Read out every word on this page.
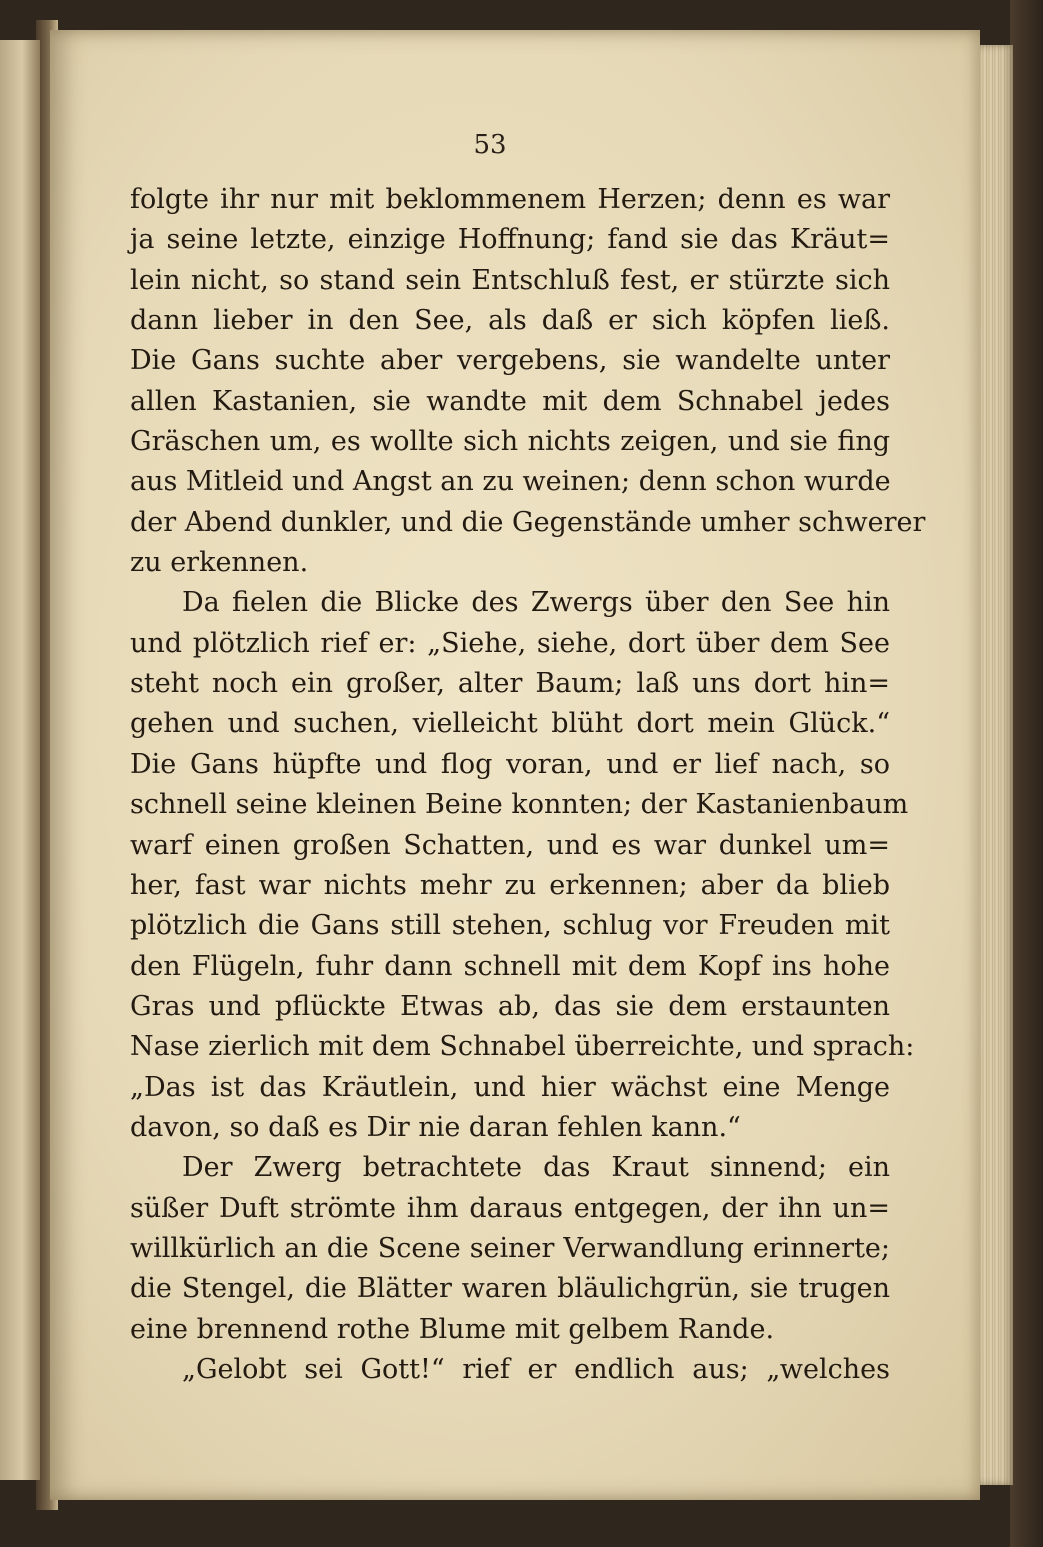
53
folgte ihr nur mit beklommenem Herzen; denn es war
ja seine letzte, einzige Hoffnung; fand sie das Kräut=
lein nicht, so stand sein Entschluß fest, er stürzte sich
dann lieber in den See, als daß er sich köpfen ließ.
Die Gans suchte aber vergebens, sie wandelte unter
allen Kastanien, sie wandte mit dem Schnabel jedes
Gräschen um, es wollte sich nichts zeigen, und sie fing
aus Mitleid und Angst an zu weinen; denn schon wurde
der Abend dunkler, und die Gegenstände umher schwerer
zu erkennen.
Da fielen die Blicke des Zwergs über den See hin
und plötzlich rief er: „Siehe, siehe, dort über dem See
steht noch ein großer, alter Baum; laß uns dort hin=
gehen und suchen, vielleicht blüht dort mein Glück.“
Die Gans hüpfte und flog voran, und er lief nach, so
schnell seine kleinen Beine konnten; der Kastanienbaum
warf einen großen Schatten, und es war dunkel um=
her, fast war nichts mehr zu erkennen; aber da blieb
plötzlich die Gans still stehen, schlug vor Freuden mit
den Flügeln, fuhr dann schnell mit dem Kopf ins hohe
Gras und pflückte Etwas ab, das sie dem erstaunten
Nase zierlich mit dem Schnabel überreichte, und sprach:
„Das ist das Kräutlein, und hier wächst eine Menge
davon, so daß es Dir nie daran fehlen kann.“
Der Zwerg betrachtete das Kraut sinnend; ein
süßer Duft strömte ihm daraus entgegen, der ihn un=
willkürlich an die Scene seiner Verwandlung erinnerte;
die Stengel, die Blätter waren bläulichgrün, sie trugen
eine brennend rothe Blume mit gelbem Rande.
„Gelobt sei Gott!“ rief er endlich aus; „welches
